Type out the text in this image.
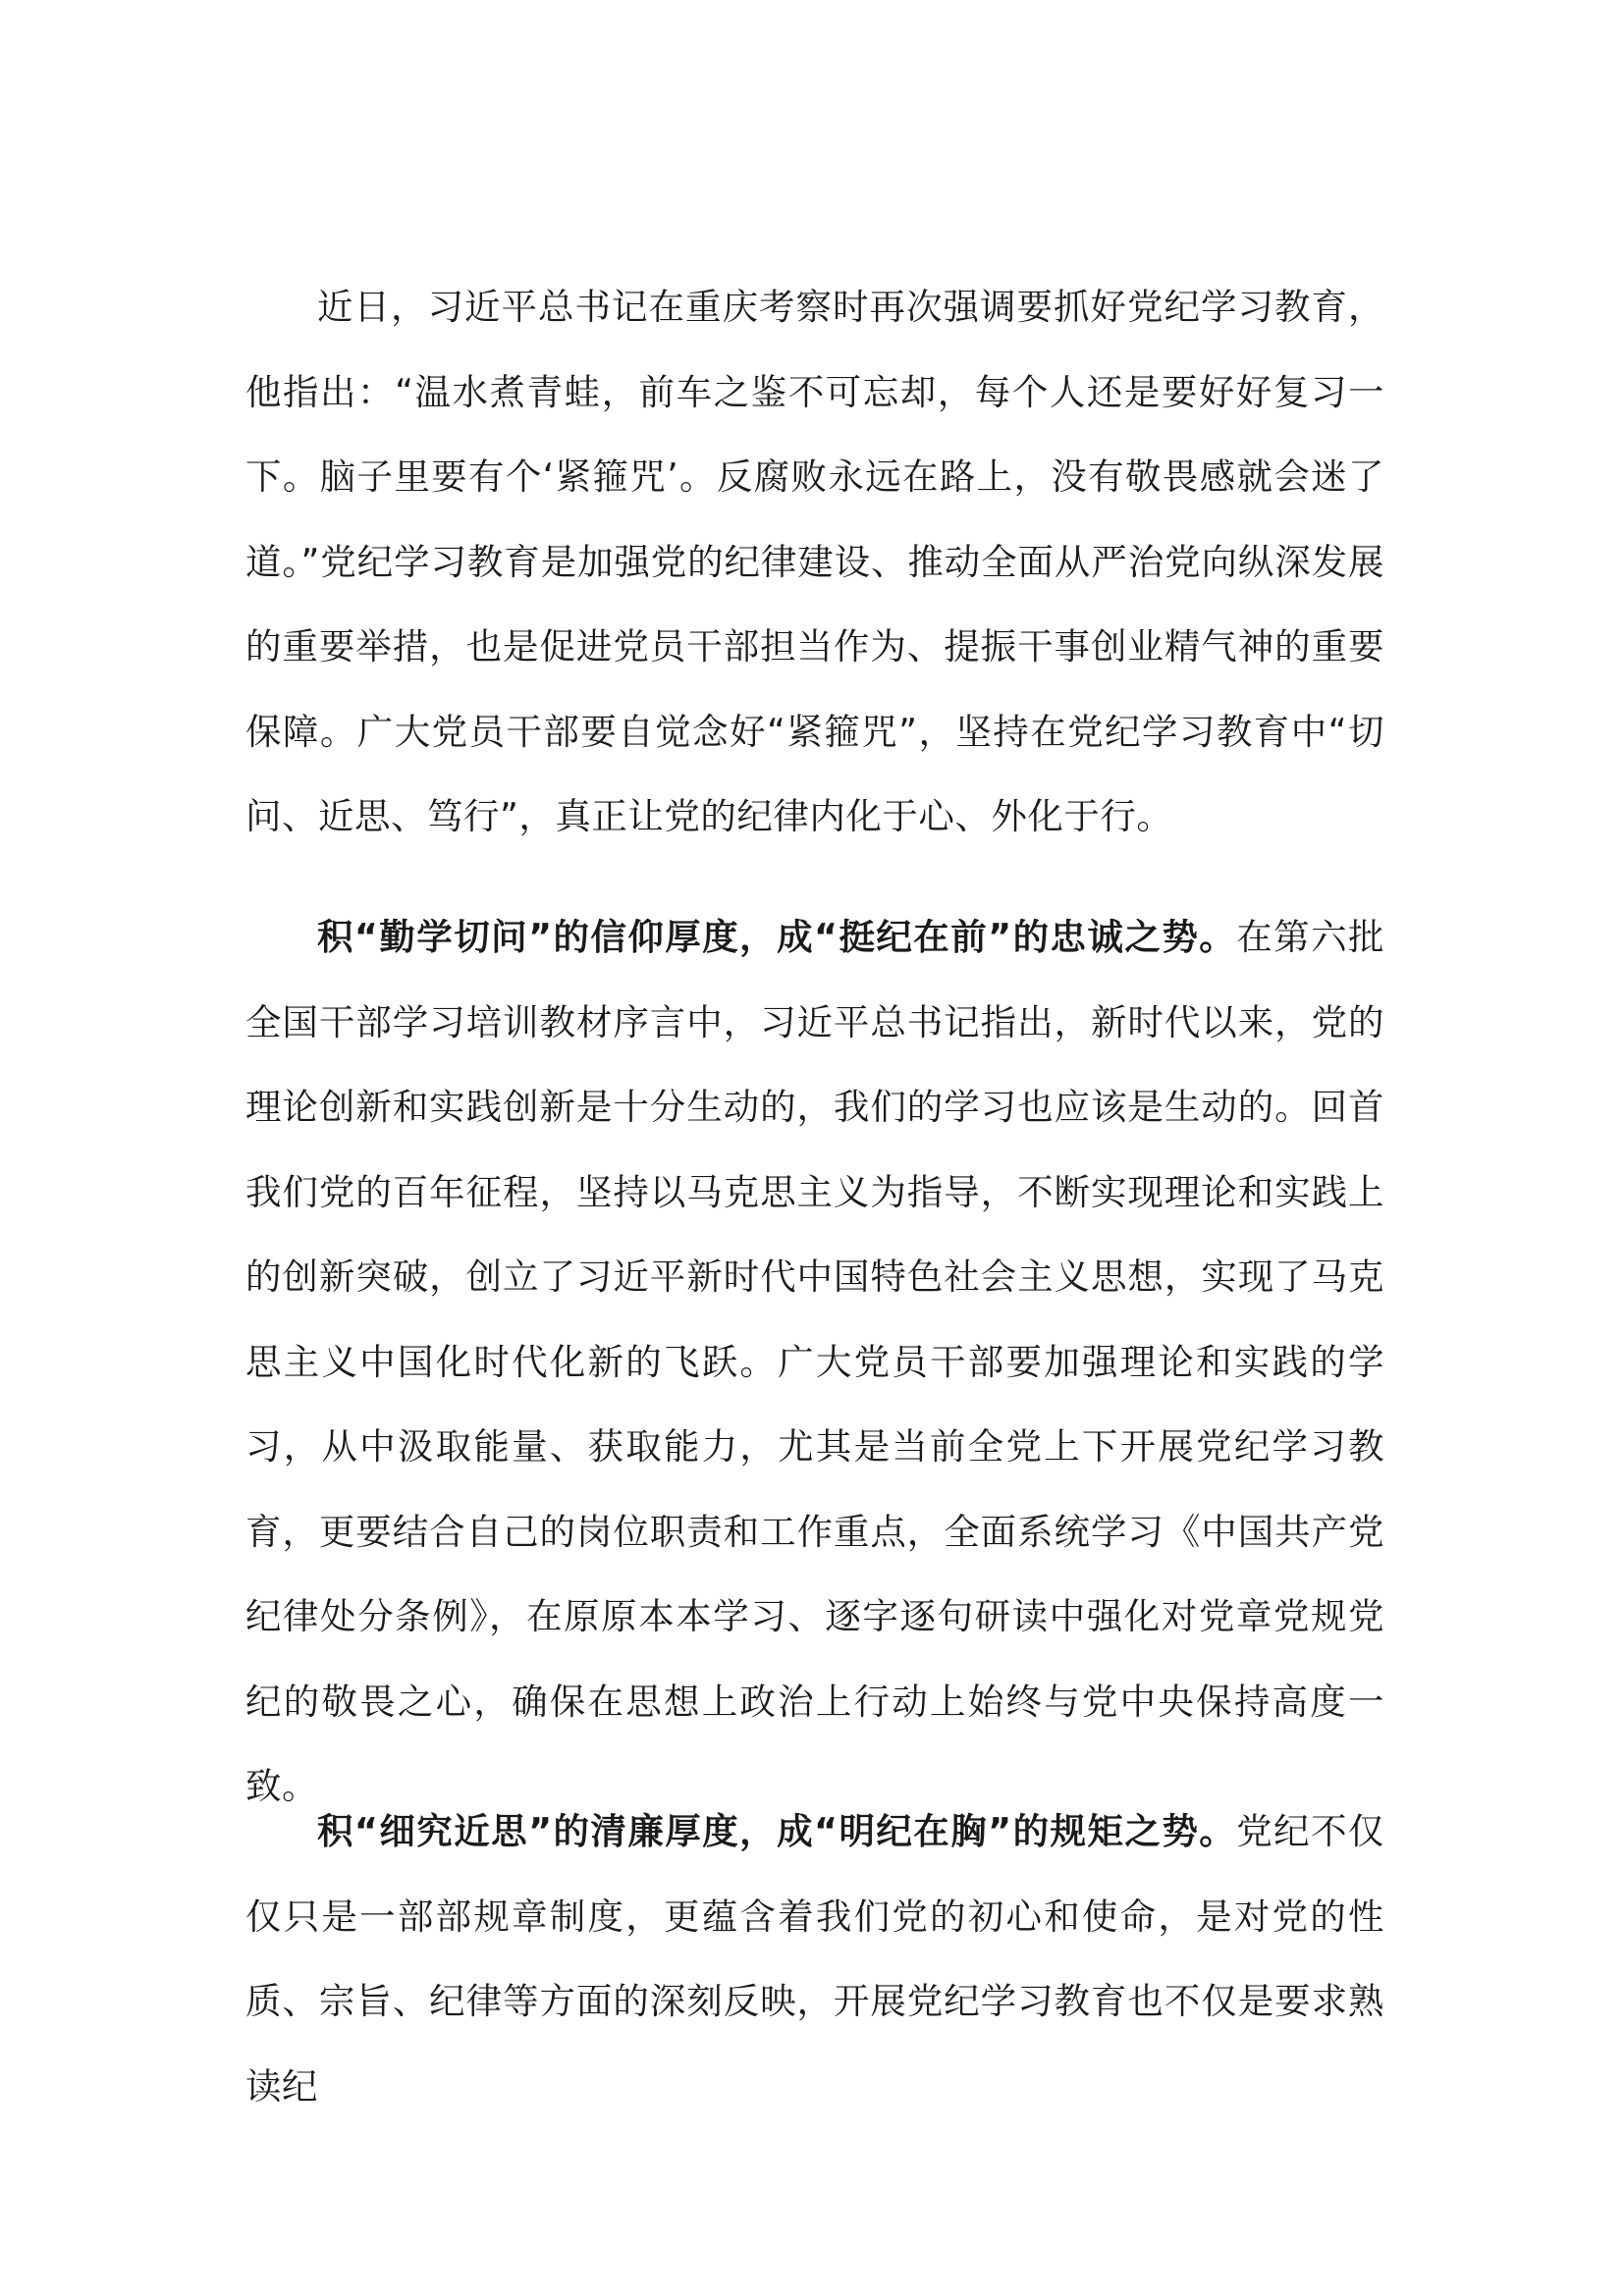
近日，习近平总书记在重庆考察时再次强调要抓好党纪学习教育，他指出：“温水煮青蛙，前车之鉴不可忘却，每个人还是要好好复习一下。脑子里要有个‘紧箍咒’。反腐败永远在路上，没有敬畏感就会迷了道。”党纪学习教育是加强党的纪律建设、推动全面从严治党向纵深发展的重要举措，也是促进党员干部担当作为、提振干事创业精气神的重要保障。广大党员干部要自觉念好“紧箍咒”，坚持在党纪学习教育中“切问、近思、笃行”，真正让党的纪律内化于心、外化于行。

积“勤学切问”的信仰厚度，成“挺纪在前”的忠诚之势。在第六批全国干部学习培训教材序言中，习近平总书记指出，新时代以来，党的理论创新和实践创新是十分生动的，我们的学习也应该是生动的。回首我们党的百年征程，坚持以马克思主义为指导，不断实现理论和实践上的创新突破，创立了习近平新时代中国特色社会主义思想，实现了马克思主义中国化时代化新的飞跃。广大党员干部要加强理论和实践的学习，从中汲取能量、获取能力，尤其是当前全党上下开展党纪学习教育，更要结合自己的岗位职责和工作重点，全面系统学习《中国共产党纪律处分条例》，在原原本本学习、逐字逐句研读中强化对党章党规党纪的敬畏之心，确保在思想上政治上行动上始终与党中央保持高度一致。

积“细究近思”的清廉厚度，成“明纪在胸”的规矩之势。党纪不仅仅只是一部部规章制度，更蕴含着我们党的初心和使命，是对党的性质、宗旨、纪律等方面的深刻反映，开展党纪学习教育也不仅是要求熟读纪
